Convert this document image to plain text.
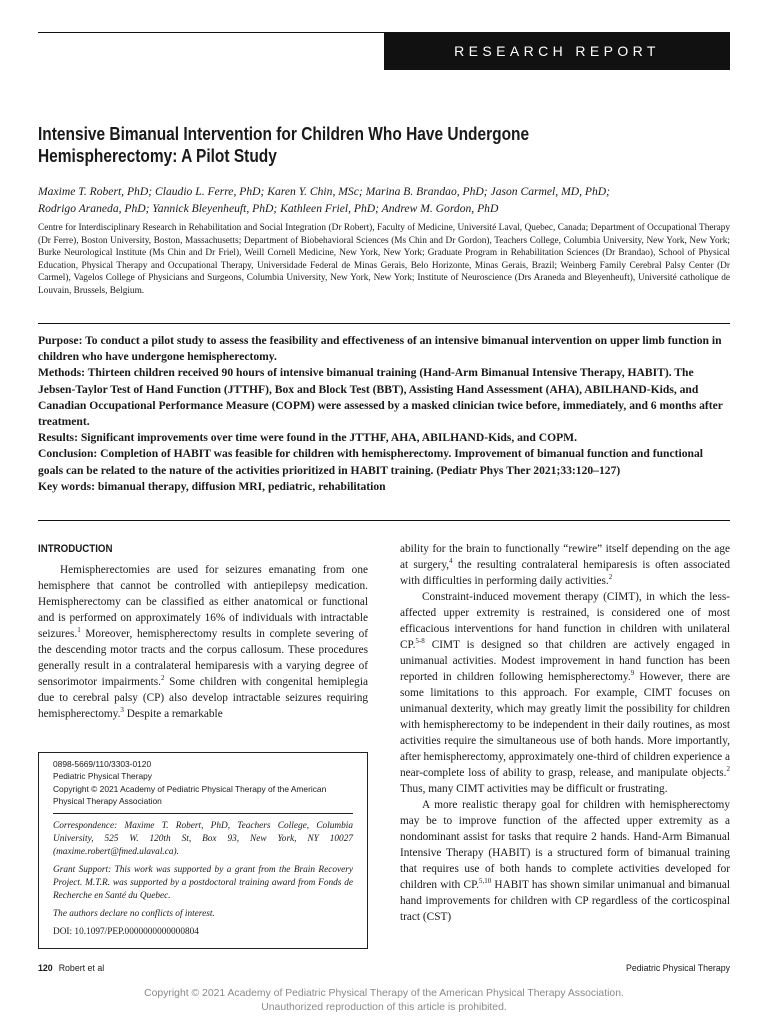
RESEARCH REPORT
Intensive Bimanual Intervention for Children Who Have Undergone
Hemispherectomy: A Pilot Study

Maxime T. Robert, PhD; Claudio L. Ferre, PhD; Karen Y. Chin, MSc; Marina B. Brandao, PhD; Jason Carmel, MD, PhD;
Rodrigo Araneda, PhD; Yannick Bleyenheuft, PhD; Kathleen Friel, PhD; Andrew M. Gordon, PhD

Centre for Interdisciplinary Research in Rehabilitation and Social Integration (Dr Robert), Faculty of Medicine, Université Laval, Quebec, Canada; Department of Occupational Therapy (Dr Ferre), Boston University, Boston, Massachusetts; Department of Biobehavioral Sciences (Ms Chin and Dr Gordon), Teachers College, Columbia University, New York, New York; Burke Neurological Institute (Ms Chin and Dr Friel), Weill Cornell Medicine, New York, New York; Graduate Program in Rehabilitation Sciences (Dr Brandao), School of Physical Education, Physical Therapy and Occupational Therapy, Universidade Federal de Minas Gerais, Belo Horizonte, Minas Gerais, Brazil; Weinberg Family Cerebral Palsy Center (Dr Carmel), Vagelos College of Physicians and Surgeons, Columbia University, New York, New York; Institute of Neuroscience (Drs Araneda and Bleyenheuft), Université catholique de Louvain, Brussels, Belgium.

Purpose: To conduct a pilot study to assess the feasibility and effectiveness of an intensive bimanual intervention on upper limb function in children who have undergone hemispherectomy.

Methods: Thirteen children received 90 hours of intensive bimanual training (Hand-Arm Bimanual Intensive Therapy, HABIT). The Jebsen-Taylor Test of Hand Function (JTTHF), Box and Block Test (BBT), Assisting Hand Assessment (AHA), ABILHAND-Kids, and Canadian Occupational Performance Measure (COPM) were assessed by a masked clinician twice before, immediately, and 6 months after treatment.

Results: Significant improvements over time were found in the JTTHF, AHA, ABILHAND-Kids, and COPM.

Conclusion: Completion of HABIT was feasible for children with hemispherectomy. Improvement of bimanual function and functional goals can be related to the nature of the activities prioritized in HABIT training. (Pediatr Phys Ther 2021;33:120–127)

Key words: bimanual therapy, diffusion MRI, pediatric, rehabilitation

INTRODUCTION

Hemispherectomies are used for seizures emanating from one hemisphere that cannot be controlled with antiepilepsy medication. Hemispherectomy can be classified as either anatomical or functional and is performed on approximately 16% of individuals with intractable seizures.$^1$ Moreover, hemispherectomy results in complete severing of the descending motor tracts and the corpus callosum. These procedures generally result in a contralateral hemiparesis with a varying degree of sensorimotor impairments.$^2$ Some children with congenital hemiplegia due to cerebral palsy (CP) also develop intractable seizures requiring hemispherectomy.$^3$ Despite a remarkable

0898-5669/110/3303-0120

Pediatric Physical Therapy

Copyright © 2021 Academy of Pediatric Physical Therapy of the American
Physical Therapy Association

Correspondence: Maxime T. Robert, PhD, Teachers College, Columbia University, 525 W. 120th St, Box 93, New York, NY 10027 (maxime.robert@fmed.ulaval.ca).

Grant Support: This work was supported by a grant from the Brain Recovery Project. M.T.R. was supported by a postdoctoral training award from Fonds de Recherche en Santé du Quebec.

The authors declare no conflicts of interest.

DOI: 10.1097/PEP.0000000000000804

ability for the brain to functionally “rewire” itself depending on the age at surgery,$^4$ the resulting contralateral hemiparesis is often associated with difficulties in performing daily activities.$^2$

Constraint-induced movement therapy (CIMT), in which the less-affected upper extremity is restrained, is considered one of most efficacious interventions for hand function in children with unilateral CP.$^{5-8}$ CIMT is designed so that children are actively engaged in unimanual activities. Modest improvement in hand function has been reported in children following hemispherectomy.$^9$ However, there are some limitations to this approach. For example, CIMT focuses on unimanual dexterity, which may greatly limit the possibility for children with hemispherectomy to be independent in their daily routines, as most activities require the simultaneous use of both hands. More importantly, after hemispherectomy, approximately one-third of children experience a near-complete loss of ability to grasp, release, and manipulate objects.$^2$ Thus, many CIMT activities may be difficult or frustrating.

A more realistic therapy goal for children with hemispherectomy may be to improve function of the affected upper extremity as a nondominant assist for tasks that require 2 hands. Hand-Arm Bimanual Intensive Therapy (HABIT) is a structured form of bimanual training that requires use of both hands to complete activities developed for children with CP.$^{5,10}$ HABIT has shown similar unimanual and bimanual hand improvements for children with CP regardless of the corticospinal tract (CST)

120 Robert et al	Pediatric Physical Therapy
Copyright © 2021 Academy of Pediatric Physical Therapy of the American Physical Therapy Association.
Unauthorized reproduction of this article is prohibited.
